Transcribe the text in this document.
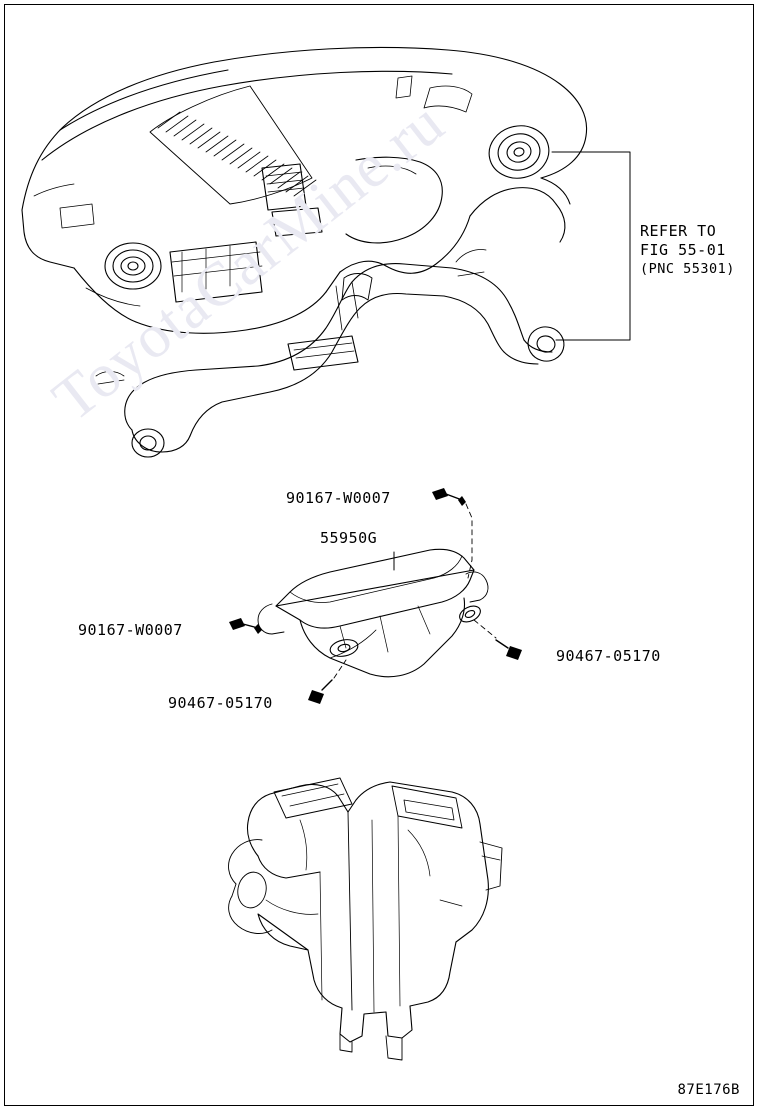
ToyotaCarMine.ru	REFER TO
FIG 55-01
(PNC 55301)
90167-W0007
55950G
90167-W0007
90467-05170
90467-05170
87E176B
